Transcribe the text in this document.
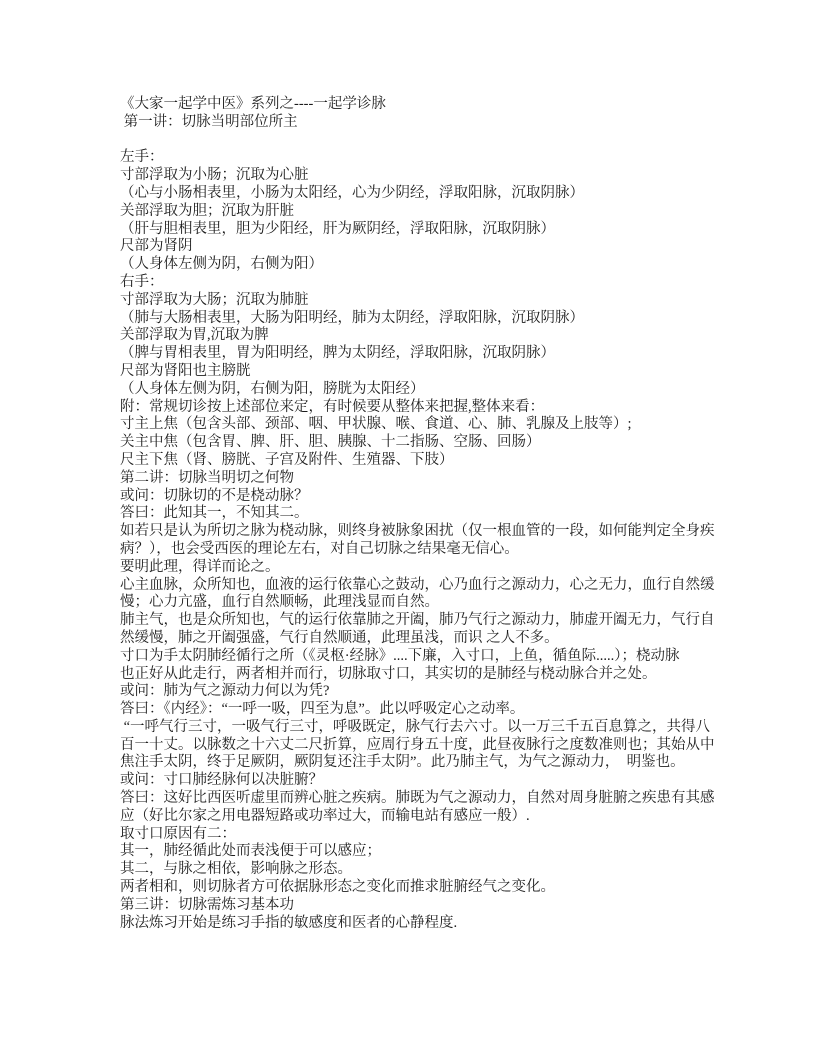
《大家一起学中医》系列之----一起学诊脉
第一讲：切脉当明部位所主

左手：
寸部浮取为小肠；沉取为心脏
（心与小肠相表里，小肠为太阳经，心为少阴经，浮取阳脉，沉取阴脉）
关部浮取为胆；沉取为肝脏
（肝与胆相表里，胆为少阳经，肝为厥阴经，浮取阳脉，沉取阴脉）
尺部为肾阴
（人身体左侧为阴，右侧为阳）
右手：
寸部浮取为大肠；沉取为肺脏
（肺与大肠相表里，大肠为阳明经，肺为太阴经，浮取阳脉，沉取阴脉）
关部浮取为胃,沉取为脾
（脾与胃相表里，胃为阳明经，脾为太阴经，浮取阳脉，沉取阴脉）
尺部为肾阳也主膀胱
（人身体左侧为阴，右侧为阳，膀胱为太阳经）
附：常规切诊按上述部位来定，有时候要从整体来把握,整体来看：
寸主上焦（包含头部、颈部、咽、甲状腺、喉、食道、心、肺、乳腺及上肢等）;
关主中焦（包含胃、脾、肝、胆、胰腺、十二指肠、空肠、回肠）
尺主下焦（肾、膀胱、子宫及附件、生殖器、下肢）
第二讲：切脉当明切之何物
或问：切脉切的不是桡动脉？
答曰：此知其一，不知其二。
如若只是认为所切之脉为桡动脉，则终身被脉象困扰（仅一根血管的一段，如何能判定全身疾
病？），也会受西医的理论左右，对自己切脉之结果毫无信心。
要明此理，得详而论之。
心主血脉，众所知也，血液的运行依靠心之鼓动，心乃血行之源动力，心之无力，血行自然缓
慢；心力亢盛，血行自然顺畅，此理浅显而自然。
肺主气，也是众所知也，气的运行依靠肺之开阖，肺乃气行之源动力，肺虚开阖无力，气行自
然缓慢，肺之开阖强盛，气行自然顺通，此理虽浅，而识 之人不多。
寸口为手太阴肺经循行之所（《灵枢·经脉》....下廉，入寸口，上鱼，循鱼际.....）；桡动脉
也正好从此走行，两者相并而行，切脉取寸口，其实切的是肺经与桡动脉合并之处。
或问：肺为气之源动力何以为凭?
答曰：《内经》：“一呼一吸，四至为息”。此以呼吸定心之动率。
“一呼气行三寸，一吸气行三寸，呼吸既定，脉气行去六寸。以一万三千五百息算之，共得八
百一十丈。以脉数之十六丈二尺折算，应周行身五十度，此昼夜脉行之度数准则也；其始从中
焦注手太阴，终于足厥阴，厥阴复还注手太阴”。此乃肺主气，为气之源动力，  明鉴也。
或问：寸口肺经脉何以决脏腑？
答曰：这好比西医听虚里而辨心脏之疾病。肺既为气之源动力，自然对周身脏腑之疾患有其感
应（好比尔家之用电器短路或功率过大，而输电站有感应一般）.
取寸口原因有二：
其一，肺经循此处而表浅便于可以感应；
其二，与脉之相依，影响脉之形态。
两者相和，则切脉者方可依据脉形态之变化而推求脏腑经气之变化。
第三讲：切脉需炼习基本功
脉法炼习开始是练习手指的敏感度和医者的心静程度.
